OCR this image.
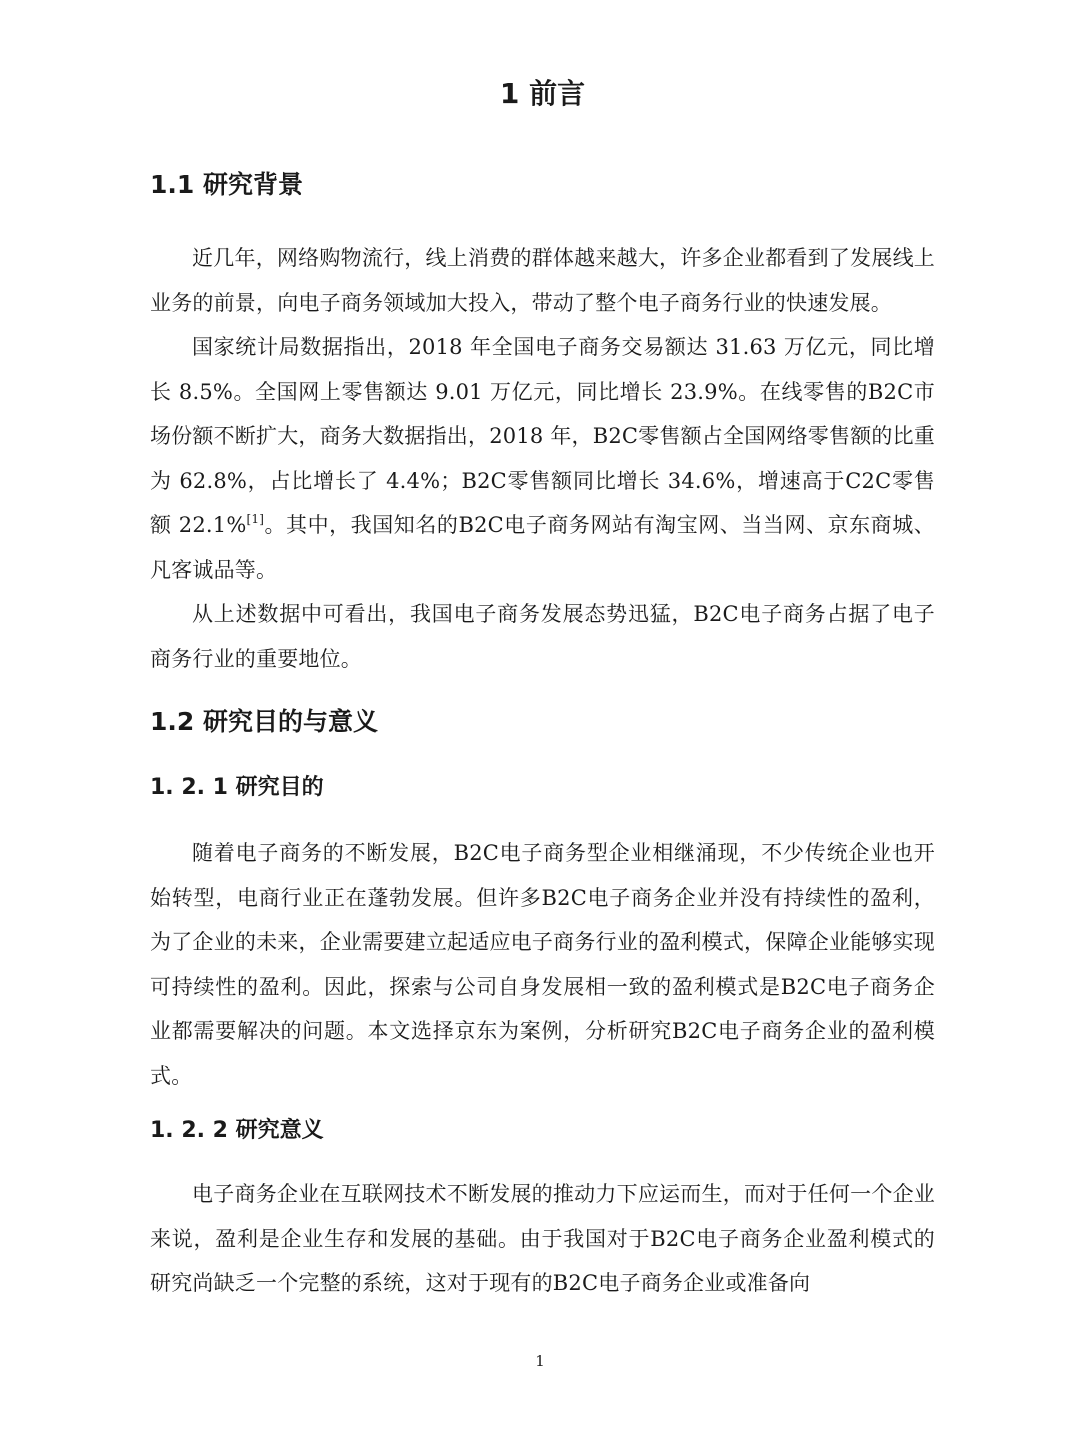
1 前言
1.1 研究背景

近几年，网络购物流行，线上消费的群体越来越大，许多企业都看到了发展线上业务的前景，向电子商务领域加大投入，带动了整个电子商务行业的快速发展。

国家统计局数据指出，2018 年全国电子商务交易额达 31.63 万亿元，同比增长 8.5%。全国网上零售额达 9.01 万亿元，同比增长 23.9%。在线零售的B2C市场份额不断扩大，商务大数据指出，2018 年，B2C零售额占全国网络零售额的比重为 62.8%，占比增长了 4.4%；B2C零售额同比增长 34.6%，增速高于C2C零售额 22.1%[1]。其中，我国知名的B2C电子商务网站有淘宝网、当当网、京东商城、凡客诚品等。

从上述数据中可看出，我国电子商务发展态势迅猛，B2C电子商务占据了电子商务行业的重要地位。

1.2 研究目的与意义
1. 2. 1 研究目的

随着电子商务的不断发展，B2C电子商务型企业相继涌现，不少传统企业也开始转型，电商行业正在蓬勃发展。但许多B2C电子商务企业并没有持续性的盈利，为了企业的未来，企业需要建立起适应电子商务行业的盈利模式，保障企业能够实现可持续性的盈利。因此，探索与公司自身发展相一致的盈利模式是B2C电子商务企业都需要解决的问题。本文选择京东为案例，分析研究B2C电子商务企业的盈利模式。

1. 2. 2 研究意义

电子商务企业在互联网技术不断发展的推动力下应运而生，而对于任何一个企业来说，盈利是企业生存和发展的基础。由于我国对于B2C电子商务企业盈利模式的研究尚缺乏一个完整的系统，这对于现有的B2C电子商务企业或准备向

1
